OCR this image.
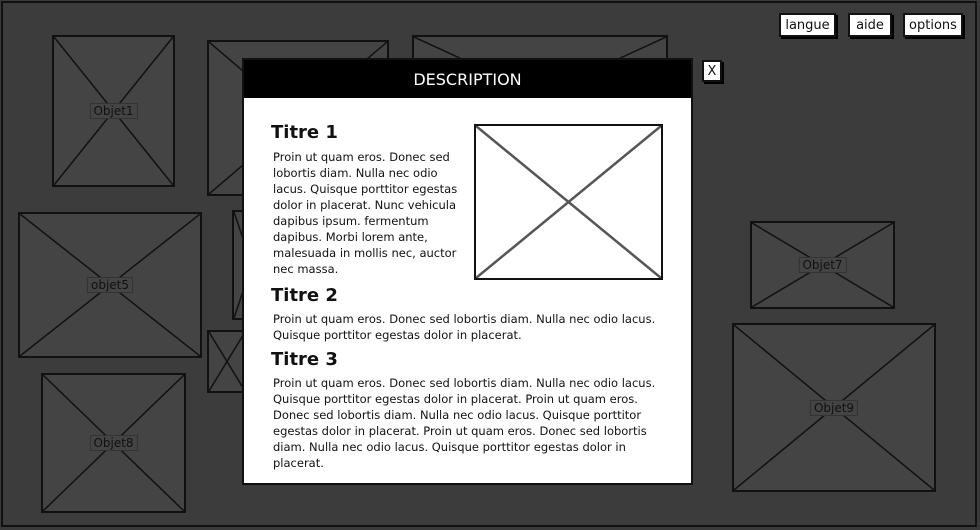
langue	aide	options
Objet1
objet5
Objet8
Objet7
Objet9
DESCRIPTION
Titre 1
Proin ut quam eros. Donec sed lobortis diam. Nulla nec odio lacus. Quisque porttitor egestas dolor in placerat. Nunc vehicula dapibus ipsum. fermentum dapibus. Morbi lorem ante, malesuada in mollis nec, auctor nec massa.
Titre 2
Proin ut quam eros. Donec sed lobortis diam. Nulla nec odio lacus. Quisque porttitor egestas dolor in placerat.
Titre 3
Proin ut quam eros. Donec sed lobortis diam. Nulla nec odio lacus. Quisque porttitor egestas dolor in placerat. Proin ut quam eros. Donec sed lobortis diam. Nulla nec odio lacus. Quisque porttitor egestas dolor in placerat. Proin ut quam eros. Donec sed lobortis diam. Nulla nec odio lacus. Quisque porttitor egestas dolor in placerat.
X
